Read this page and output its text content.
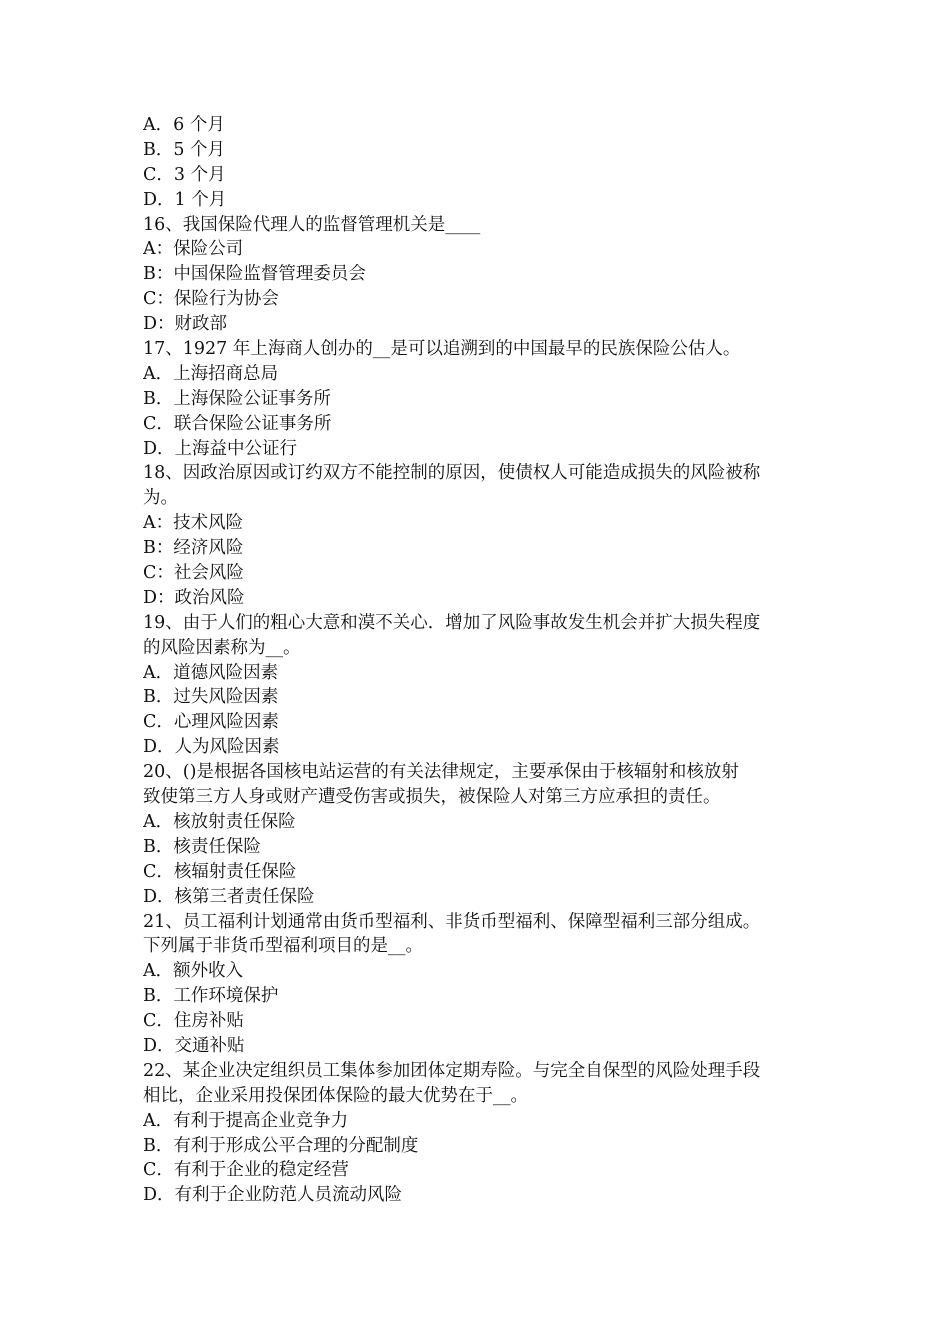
A．6 个月
B．5 个月
C．3 个月
D．1 个月
16、我国保险代理人的监督管理机关是____
A：保险公司
B：中国保险监督管理委员会
C：保险行为协会
D：财政部
17、1927 年上海商人创办的__是可以追溯到的中国最早的民族保险公估人。
A．上海招商总局
B．上海保险公证事务所
C．联合保险公证事务所
D．上海益中公证行
18、因政治原因或订约双方不能控制的原因，使债权人可能造成损失的风险被称
为。
A：技术风险
B：经济风险
C：社会风险
D：政治风险
19、由于人们的粗心大意和漠不关心．增加了风险事故发生机会并扩大损失程度
的风险因素称为__。
A．道德风险因素
B．过失风险因素
C．心理风险因素
D．人为风险因素
20、()是根据各国核电站运营的有关法律规定，主要承保由于核辐射和核放射
致使第三方人身或财产遭受伤害或损失，被保险人对第三方应承担的责任。
A．核放射责任保险
B．核责任保险
C．核辐射责任保险
D．核第三者责任保险
21、员工福利计划通常由货币型福利、非货币型福利、保障型福利三部分组成。
下列属于非货币型福利项目的是__。
A．额外收入
B．工作环境保护
C．住房补贴
D．交通补贴
22、某企业决定组织员工集体参加团体定期寿险。与完全自保型的风险处理手段
相比，企业采用投保团体保险的最大优势在于__。
A．有利于提高企业竞争力
B．有利于形成公平合理的分配制度
C．有利于企业的稳定经营
D．有利于企业防范人员流动风险
